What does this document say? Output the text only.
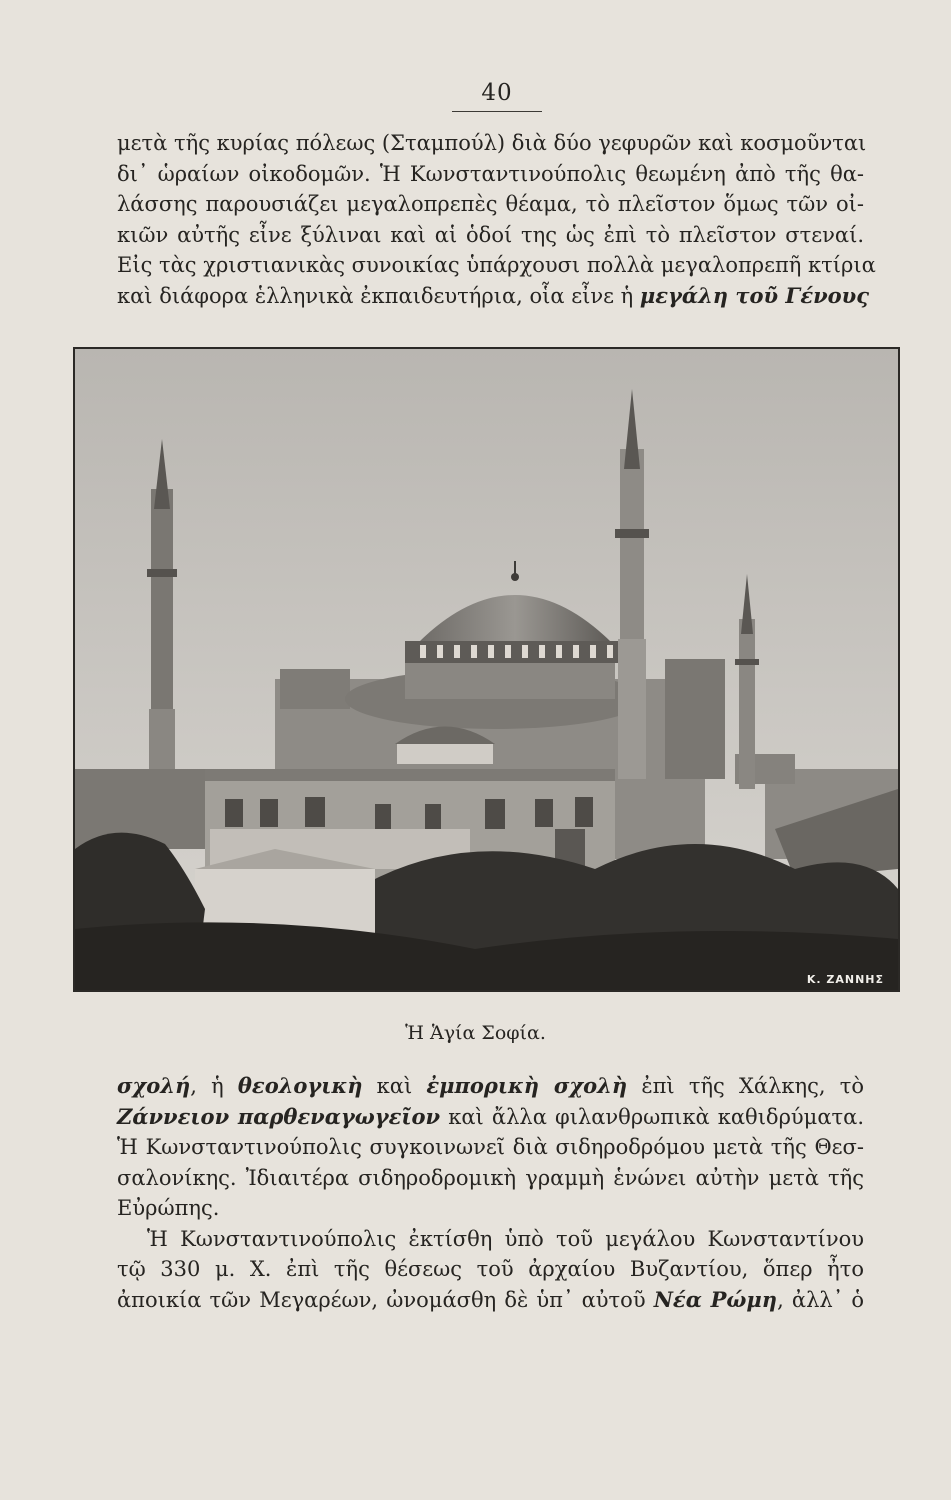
40
μετὰ τῆς κυρίας πόλεως (Σταμπούλ) διὰ δύο γεφυρῶν καὶ κοσμοῦνται
δι᾽ ὡραίων οἰκοδομῶν. Ἡ Κωνσταντινούπολις θεωμένη ἀπὸ τῆς θα-
λάσσης παρουσιάζει μεγαλοπρεπὲς θέαμα, τὸ πλεῖστον ὅμως τῶν οἰ-
κιῶν αὐτῆς εἶνε ξύλιναι καὶ αἱ ὁδοί της ὡς ἐπὶ τὸ πλεῖστον στεναί.
Εἰς τὰς χριστιανικὰς συνοικίας ὑπάρχουσι πολλὰ μεγαλοπρεπῆ κτίρια
καὶ διάφορα ἑλληνικὰ ἐκπαιδευτήρια, οἷα εἶνε ἡ μεγάλη τοῦ Γένους
Κ. ΖΑΝΝΗΣ
Ἡ Ἁγία Σοφία.
σχολή, ἡ θεολογικὴ καὶ ἐμπορικὴ σχολὴ ἐπὶ τῆς Χάλκης, τὸ
Ζάννειον παρθεναγωγεῖον καὶ ἄλλα φιλανθρωπικὰ καθιδρύματα.
Ἡ Κωνσταντινούπολις συγκοινωνεῖ διὰ σιδηροδρόμου μετὰ τῆς Θεσ-
σαλονίκης. Ἰδιαιτέρα σιδηροδρομικὴ γραμμὴ ἑνώνει αὐτὴν μετὰ τῆς
Εὐρώπης.
Ἡ Κωνσταντινούπολις ἐκτίσθη ὑπὸ τοῦ μεγάλου Κωνσταντίνου
τῷ 330 μ. Χ. ἐπὶ τῆς θέσεως τοῦ ἀρχαίου Βυζαντίου, ὅπερ ἦτο
ἀποικία τῶν Μεγαρέων, ὠνομάσθη δὲ ὑπ᾽ αὐτοῦ Νέα Ρώμη, ἀλλ᾽ ὁ
